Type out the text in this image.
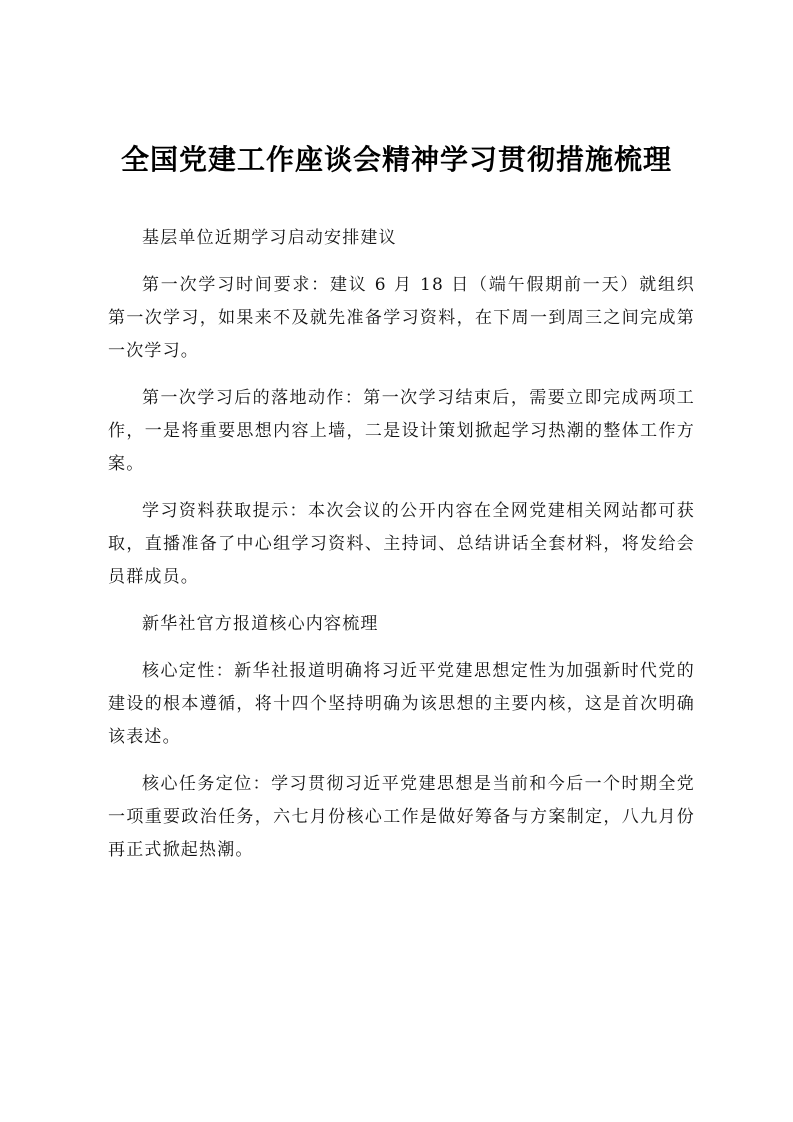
全国党建工作座谈会精神学习贯彻措施梳理

基层单位近期学习启动安排建议

第一次学习时间要求：建议 6 月 18 日（端午假期前一天）就组织第一次学习，如果来不及就先准备学习资料，在下周一到周三之间完成第一次学习。

第一次学习后的落地动作：第一次学习结束后，需要立即完成两项工作，一是将重要思想内容上墙，二是设计策划掀起学习热潮的整体工作方案。

学习资料获取提示：本次会议的公开内容在全网党建相关网站都可获取，直播准备了中心组学习资料、主持词、总结讲话全套材料，将发给会员群成员。

新华社官方报道核心内容梳理

核心定性：新华社报道明确将习近平党建思想定性为加强新时代党的建设的根本遵循，将十四个坚持明确为该思想的主要内核，这是首次明确该表述。

核心任务定位：学习贯彻习近平党建思想是当前和今后一个时期全党一项重要政治任务，六七月份核心工作是做好筹备与方案制定，八九月份再正式掀起热潮。
